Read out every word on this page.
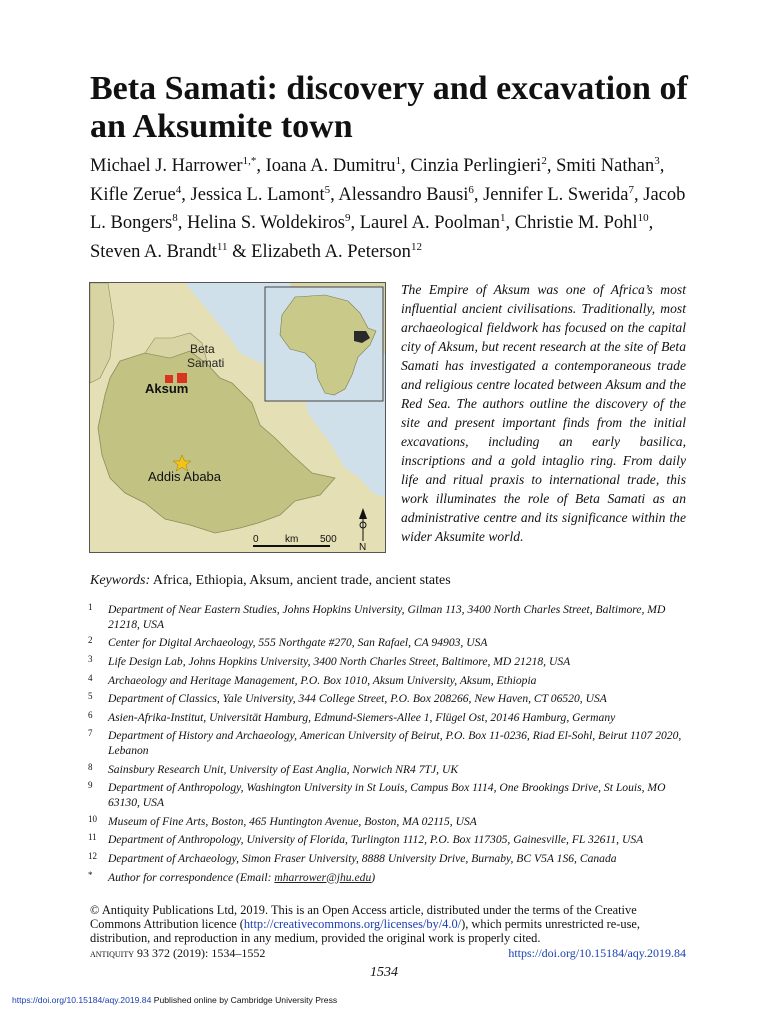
Beta Samati: discovery and excavation of an Aksumite town
Michael J. Harrower$^{1,*}$, Ioana A. Dumitru$^1$, Cinzia Perlingieri$^2$, Smiti Nathan$^3$, Kifle Zerue$^4$, Jessica L. Lamont$^5$, Alessandro Bausi$^6$, Jennifer L. Swerida$^7$, Jacob L. Bongers$^8$, Helina S. Woldekiros$^9$, Laurel A. Poolman$^1$, Christie M. Pohl$^{10}$, Steven A. Brandt$^{11}$ & Elizabeth A. Peterson$^{12}$
Beta
Samati
Aksum
Addis Ababa
0	km 500
N

The Empire of Aksum was one of Africa’s most influential ancient civilisations. Traditionally, most archaeological fieldwork has focused on the capital city of Aksum, but recent research at the site of Beta Samati has investigated a contemporaneous trade and religious centre located between Aksum and the Red Sea. The authors outline the discovery of the site and present important finds from the initial excavations, including an early basilica, inscriptions and a gold intaglio ring. From daily life and ritual praxis to international trade, this work illuminates the role of Beta Samati as an administrative centre and its significance within the wider Aksumite world.

Keywords: Africa, Ethiopia, Aksum, ancient trade, ancient states
1 Department of Near Eastern Studies, Johns Hopkins University, Gilman 113, 3400 North Charles Street, Baltimore, MD 21218, USA
2 Center for Digital Archaeology, 555 Northgate #270, San Rafael, CA 94903, USA
3 Life Design Lab, Johns Hopkins University, 3400 North Charles Street, Baltimore, MD 21218, USA
4 Archaeology and Heritage Management, P.O. Box 1010, Aksum University, Aksum, Ethiopia
5 Department of Classics, Yale University, 344 College Street, P.O. Box 208266, New Haven, CT 06520, USA
6 Asien-Afrika-Institut, Universität Hamburg, Edmund-Siemers-Allee 1, Flügel Ost, 20146 Hamburg, Germany
7 Department of History and Archaeology, American University of Beirut, P.O. Box 11-0236, Riad El-Sohl, Beirut 1107 2020, Lebanon
8 Sainsbury Research Unit, University of East Anglia, Norwich NR4 7TJ, UK
9 Department of Anthropology, Washington University in St Louis, Campus Box 1114, One Brookings Drive, St Louis, MO 63130, USA
10 Museum of Fine Arts, Boston, 465 Huntington Avenue, Boston, MA 02115, USA
11 Department of Anthropology, University of Florida, Turlington 1112, P.O. Box 117305, Gainesville, FL 32611, USA
12 Department of Archaeology, Simon Fraser University, 8888 University Drive, Burnaby, BC V5A 1S6, Canada
* Author for correspondence (Email: mharrower@jhu.edu)
© Antiquity Publications Ltd, 2019. This is an Open Access article, distributed under the terms of the Creative Commons Attribution licence (http://creativecommons.org/licenses/by/4.0/), which permits unrestricted re-use, distribution, and reproduction in any medium, provided the original work is properly cited.
antiquity 93 372 (2019): 1534–1552	https://doi.org/10.15184/aqy.2019.84
1534
https://doi.org/10.15184/aqy.2019.84 Published online by Cambridge University Press
